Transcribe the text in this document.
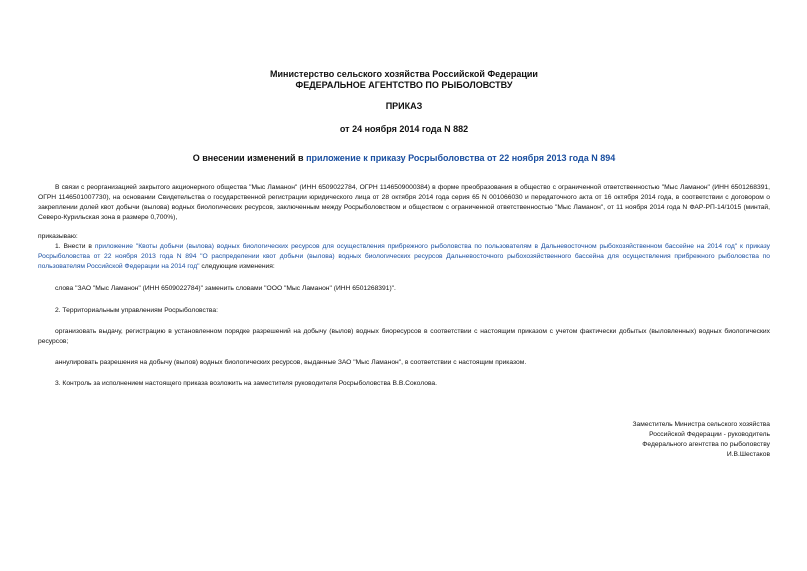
Министерство сельского хозяйства Российской Федерации
ФЕДЕРАЛЬНОЕ АГЕНТСТВО ПО РЫБОЛОВСТВУ
ПРИКАЗ
от 24 ноября 2014 года N 882
О внесении изменений в приложение к приказу Росрыболовства от 22 ноября 2013 года N 894
В связи с реорганизацией закрытого акционерного общества "Мыс Ламанон" (ИНН 6509022784, ОГРН 1146509000384) в форме преобразования в общество с ограниченной ответственностью "Мыс Ламанон" (ИНН 6501268391, ОГРН 1146501007730), на основании Свидетельства о государственной регистрации юридического лица от 28 октября 2014 года серия 65 N 001066030 и передаточного акта от 16 октября 2014 года, в соответствии с договором о закреплении долей квот добычи (вылова) водных биологических ресурсов, заключенным между Росрыболовством и обществом с ограниченной ответственностью "Мыс Ламанон", от 11 ноября 2014 года N ФАР-РП-14/1015 (минтай, Северо-Курильская зона в размере 0,700%),
приказываю:
1. Внести в приложение "Квоты добычи (вылова) водных биологических ресурсов для осуществления прибрежного рыболовства по пользователям в Дальневосточном рыбохозяйственном бассейне на 2014 год" к приказу Росрыболовства от 22 ноября 2013 года N 894 "О распределении квот добычи (вылова) водных биологических ресурсов Дальневосточного рыбохозяйственного бассейна для осуществления прибрежного рыболовства по пользователям Российской Федерации на 2014 год" следующие изменения:
слова "ЗАО "Мыс Ламанон" (ИНН 6509022784)" заменить словами "ООО "Мыс Ламанон" (ИНН 6501268391)".
2. Территориальным управлениям Росрыболовства:
организовать выдачу, регистрацию в установленном порядке разрешений на добычу (вылов) водных биоресурсов в соответствии с настоящим приказом с учетом фактически добытых (выловленных) водных биологических ресурсов;
аннулировать разрешения на добычу (вылов) водных биологических ресурсов, выданные ЗАО "Мыс Ламанон", в соответствии с настоящим приказом.
3. Контроль за исполнением настоящего приказа возложить на заместителя руководителя Росрыболовства В.В.Соколова.
Заместитель Министра сельского хозяйства
Российской Федерации - руководитель
Федерального агентства по рыболовству
И.В.Шестаков
